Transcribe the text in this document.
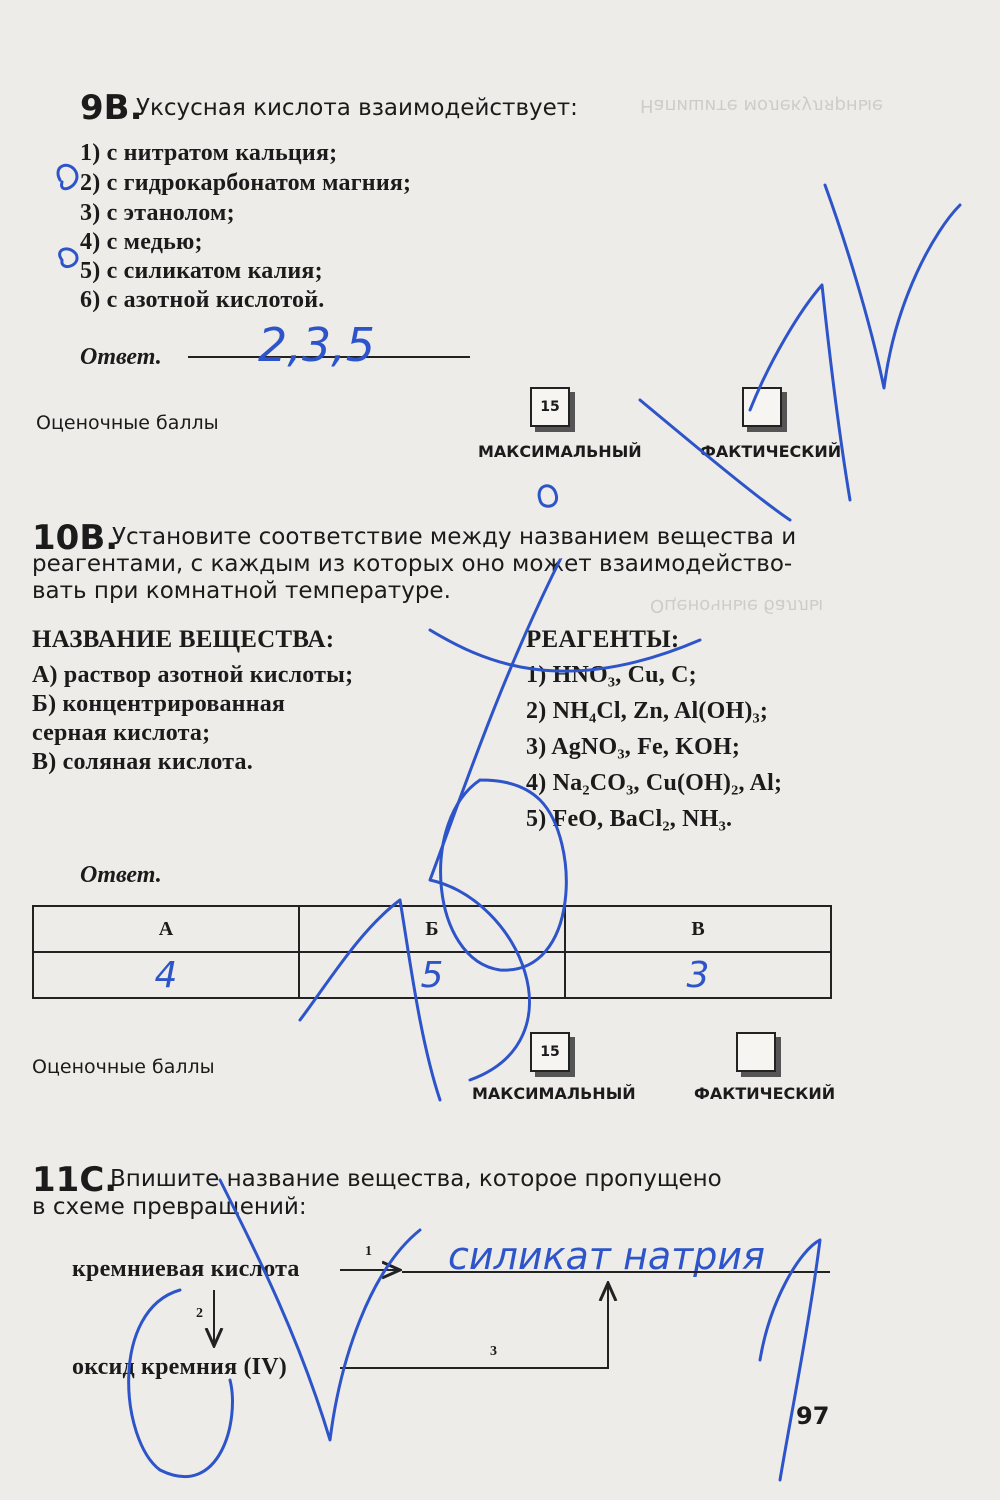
Напишите молекулярные
Оценочные баллы
9В.
Уксусная кислота взаимодействует:
1) с нитратом кальция;
2) с гидрокарбонатом магния;
3) с этанолом;
4) с медью;
5) с силикатом калия;
6) с азотной кислотой.
Ответ. 2,3,5
Оценочные баллы
15
МАКСИМАЛЬНЫЙ	ФАКТИЧЕСКИЙ
10В.
Установите соответствие между названием вещества и
реагентами, с каждым из которых оно может взаимодейство-
вать при комнатной температуре.
НАЗВАНИЕ ВЕЩЕСТВА:
А) раствор азотной кислоты;
Б) концентрированная
серная кислота;
В) соляная кислота.
РЕАГЕНТЫ:
1) HNO₃, Cu, C;
2) NH₄Cl, Zn, Al(OH)₃;
3) AgNO₃, Fe, KOH;
4) Na₂CO₃, Cu(OH)₂, Al;
5) FeO, BaCl₂, NH₃.
Ответ.
А	Б	В
4	5	3
Оценочные баллы
15
МАКСИМАЛЬНЫЙ	ФАКТИЧЕСКИЙ
11С.
Впишите название вещества, которое пропущено
в схеме превращений:
кремниевая кислота
1 силикат натрия
2
оксид кремния (IV)
3
97
